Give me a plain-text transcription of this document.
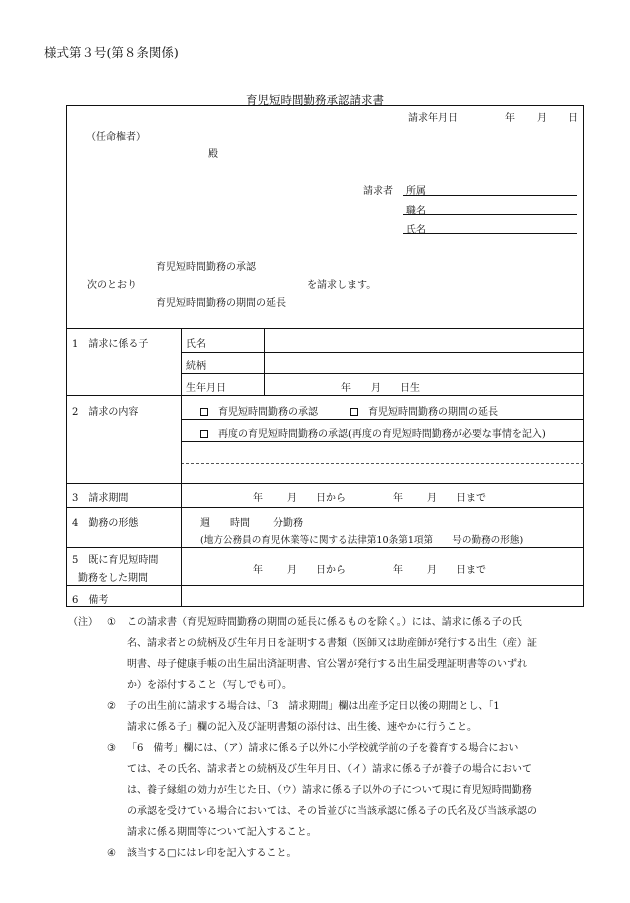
様式第３号(第８条関係)
育児短時間勤務承認請求書
請求年月日	年 月 日
（任命権者）
殿
請求者 所属
職名
氏名
育児短時間勤務の承認
次のとおり	を請求します。
育児短時間勤務の期間の延長
1　請求に係る子	氏名
続柄
生年月日	年 月 日生
2　請求の内容	育児短時間勤務の承認	育児短時間勤務の期間の延長
再度の育児短時間勤務の承認(再度の育児短時間勤務が必要な事情を記入)
3　請求期間	年 月 日から	年 月 日まで
4　勤務の形態	週 時間 分勤務
(地方公務員の育児休業等に関する法律第10条第1項第　　号の勤務の形態)
5　既に育児短時間
勤務をした期間
年 月 日から	年 月 日まで
6　備考
（注） ①	この請求書（育児短時間勤務の期間の延長に係るものを除く。）には、請求に係る子の氏
名、請求者との続柄及び生年月日を証明する書類（医師又は助産師が発行する出生（産）証
明書、母子健康手帳の出生届出済証明書、官公署が発行する出生届受理証明書等のいずれ
か）を添付すること（写しでも可）。
②	子の出生前に請求する場合は、「3　請求期間」欄は出産予定日以後の期間とし、「1
請求に係る子」欄の記入及び証明書類の添付は、出生後、速やかに行うこと。
③	「6　備考」欄には、（ア）請求に係る子以外に小学校就学前の子を養育する場合におい
ては、その氏名、請求者との続柄及び生年月日、（イ）請求に係る子が養子の場合において
は、養子縁組の効力が生じた日、（ウ）請求に係る子以外の子について現に育児短時間勤務
の承認を受けている場合においては、その旨並びに当該承認に係る子の氏名及び当該承認の
請求に係る期間等について記入すること。
④	該当する□にはレ印を記入すること。
